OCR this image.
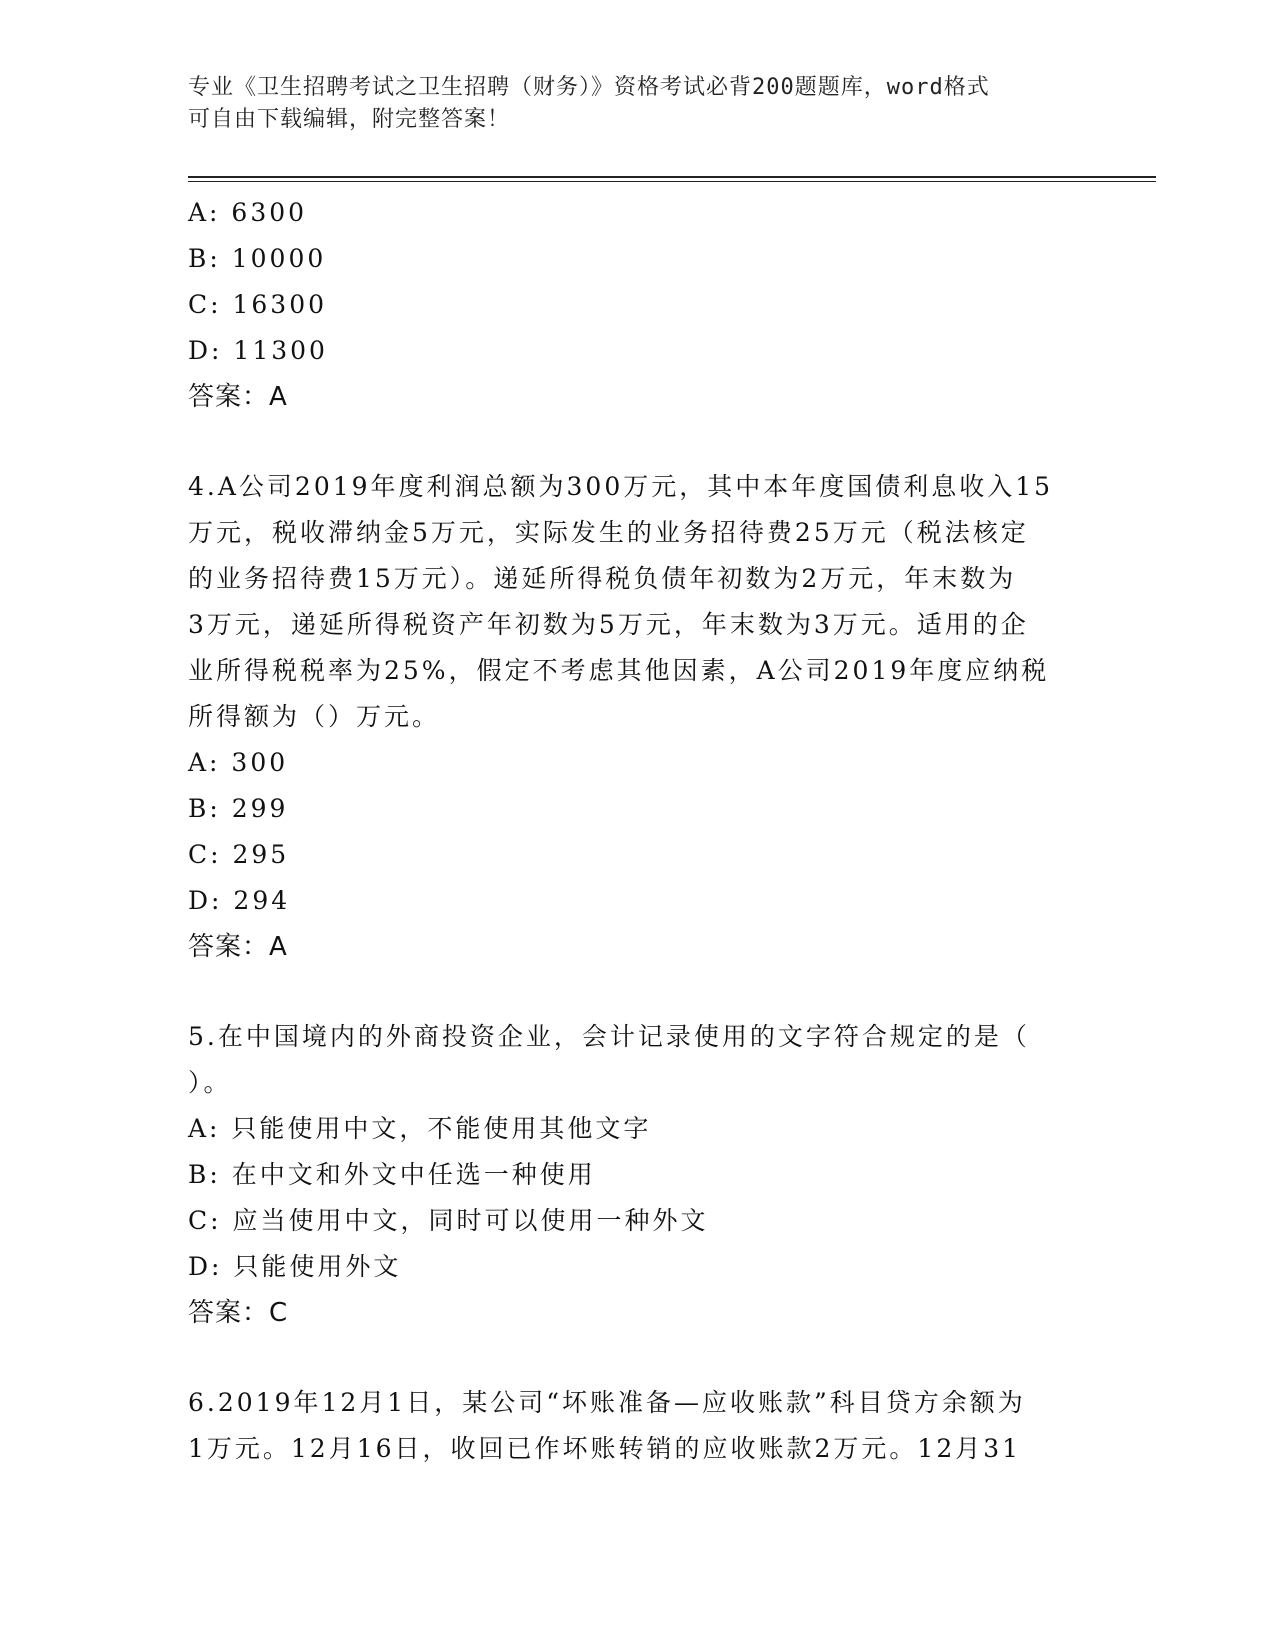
专业《卫生招聘考试之卫生招聘（财务）》资格考试必背200题题库，word格式
可自由下载编辑，附完整答案！
A: 6300
B: 10000
C: 16300
D: 11300
答案：A
4.A公司2019年度利润总额为300万元，其中本年度国债利息收入15
万元，税收滞纳金5万元，实际发生的业务招待费25万元（税法核定
的业务招待费15万元）。递延所得税负债年初数为2万元，年末数为
3万元，递延所得税资产年初数为5万元，年末数为3万元。适用的企
业所得税税率为25%，假定不考虑其他因素，A公司2019年度应纳税
所得额为（）万元。
A: 300
B: 299
C: 295
D: 294
答案：A
5.在中国境内的外商投资企业，会计记录使用的文字符合规定的是（
）。
A: 只能使用中文，不能使用其他文字
B: 在中文和外文中任选一种使用
C: 应当使用中文，同时可以使用一种外文
D: 只能使用外文
答案：C
6.2019年12月1日，某公司“坏账准备—应收账款”科目贷方余额为
1万元。12月16日，收回已作坏账转销的应收账款2万元。12月31
